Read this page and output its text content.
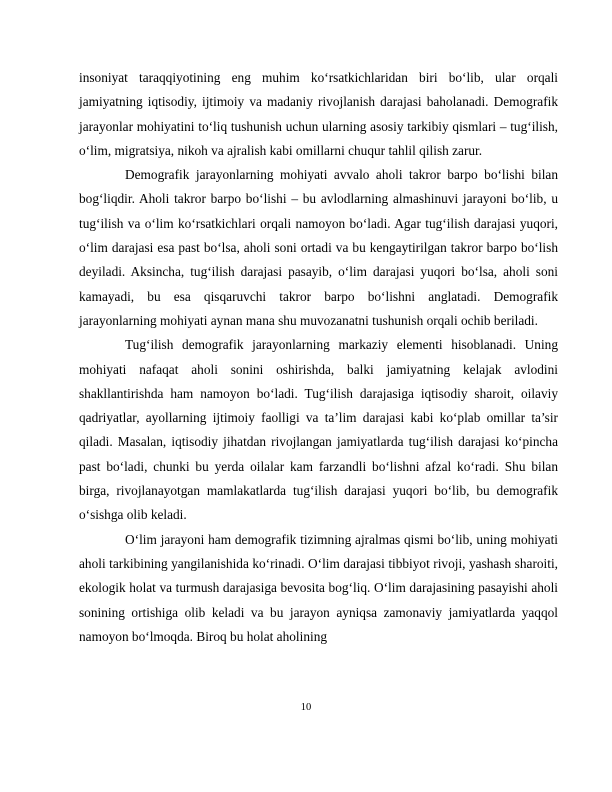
insoniyat taraqqiyotining eng muhim ko‘rsatkichlaridan biri bo‘lib, ular orqali jamiyatning iqtisodiy, ijtimoiy va madaniy rivojlanish darajasi baholanadi. Demografik jarayonlar mohiyatini to‘liq tushunish uchun ularning asosiy tarkibiy qismlari – tug‘ilish, o‘lim, migratsiya, nikoh va ajralish kabi omillarni chuqur tahlil qilish zarur.

Demografik jarayonlarning mohiyati avvalo aholi takror barpo bo‘lishi bilan bog‘liqdir. Aholi takror barpo bo‘lishi – bu avlodlarning almashinuvi jarayoni bo‘lib, u tug‘ilish va o‘lim ko‘rsatkichlari orqali namoyon bo‘ladi. Agar tug‘ilish darajasi yuqori, o‘lim darajasi esa past bo‘lsa, aholi soni ortadi va bu kengaytirilgan takror barpo bo‘lish deyiladi. Aksincha, tug‘ilish darajasi pasayib, o‘lim darajasi yuqori bo‘lsa, aholi soni kamayadi, bu esa qisqaruvchi takror barpo bo‘lishni anglatadi. Demografik jarayonlarning mohiyati aynan mana shu muvozanatni tushunish orqali ochib beriladi.

Tug‘ilish demografik jarayonlarning markaziy elementi hisoblanadi. Uning mohiyati nafaqat aholi sonini oshirishda, balki jamiyatning kelajak avlodini shakllantirishda ham namoyon bo‘ladi. Tug‘ilish darajasiga iqtisodiy sharoit, oilaviy qadriyatlar, ayollarning ijtimoiy faolligi va ta’lim darajasi kabi ko‘plab omillar ta’sir qiladi. Masalan, iqtisodiy jihatdan rivojlangan jamiyatlarda tug‘ilish darajasi ko‘pincha past bo‘ladi, chunki bu yerda oilalar kam farzandli bo‘lishni afzal ko‘radi. Shu bilan birga, rivojlanayotgan mamlakatlarda tug‘ilish darajasi yuqori bo‘lib, bu demografik o‘sishga olib keladi.

O‘lim jarayoni ham demografik tizimning ajralmas qismi bo‘lib, uning mohiyati aholi tarkibining yangilanishida ko‘rinadi. O‘lim darajasi tibbiyot rivoji, yashash sharoiti, ekologik holat va turmush darajasiga bevosita bog‘liq. O‘lim darajasining pasayishi aholi sonining ortishiga olib keladi va bu jarayon ayniqsa zamonaviy jamiyatlarda yaqqol namoyon bo‘lmoqda. Biroq bu holat aholining

10
